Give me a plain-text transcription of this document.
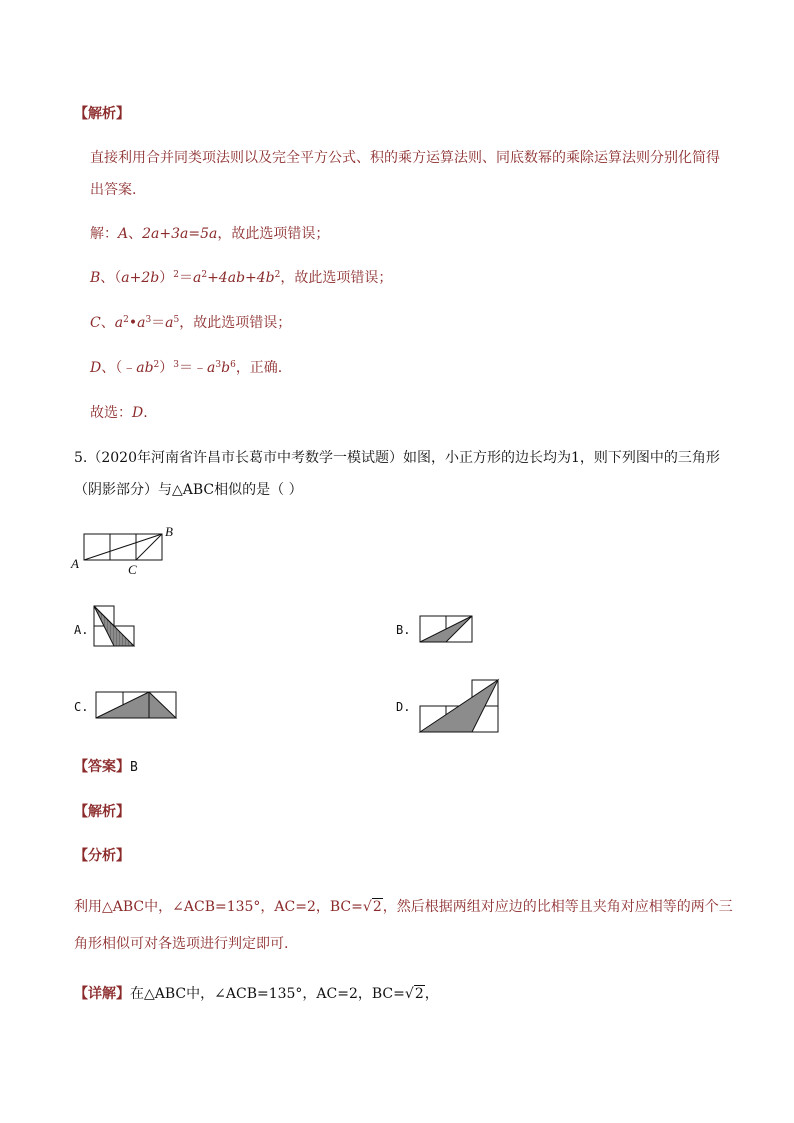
【解析】
直接利用合并同类项法则以及完全平方公式、积的乘方运算法则、同底数幂的乘除运算法则分别化简得
出答案.
解：A、2a+3a=5a，故此选项错误；
B、$(a+2b)^2=a^2+4ab+4b^2$，故此选项错误；
C、$a^2•a^3=a^5$，故此选项错误；
D、$(﹣ab^2)^3=﹣a^3b^6$，正确.
故选：D.
5.（2020年河南省许昌市长葛市中考数学一模试题）如图，小正方形的边长均为1，则下列图中的三角形
（阴影部分）与△ABC相似的是（ ）
A
B
C
A.	B.
C.	D.
【答案】B
【解析】
【分析】
利用△ABC中，∠ACB=135°，AC=2，BC=√2，然后根据两组对应边的比相等且夹角对应相等的两个三
角形相似可对各选项进行判定即可.
【详解】在△ABC中，∠ACB=135°，AC=2，BC=√2，
